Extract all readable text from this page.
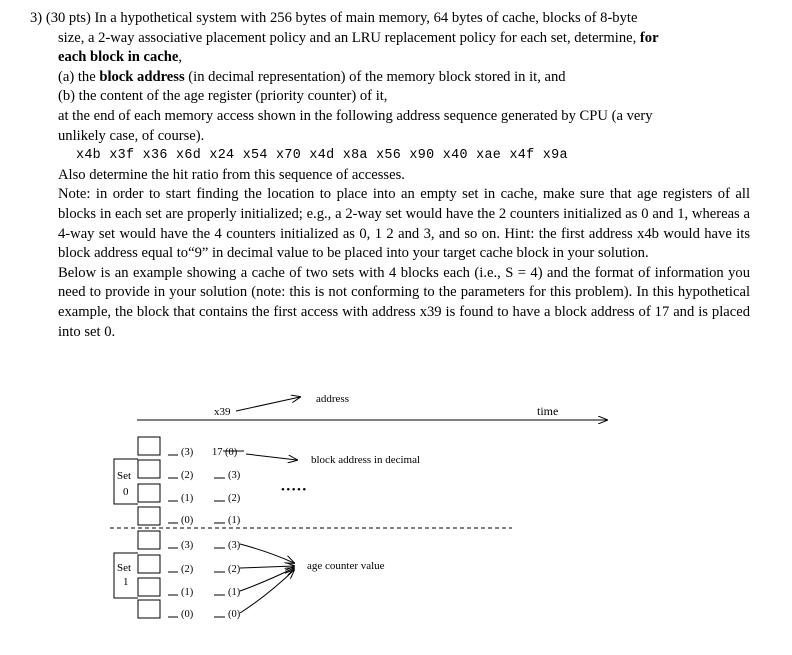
3) (30 pts) In a hypothetical system with 256 bytes of main memory, 64 bytes of cache, blocks of 8-byte
size, a 2-way associative placement policy and an LRU replacement policy for each set, determine, for
each block in cache,
(a) the block address (in decimal representation) of the memory block stored in it, and
(b) the content of the age register (priority counter) of it,
at the end of each memory access shown in the following address sequence generated by CPU (a very
unlikely case, of course).
x4b x3f x36 x6d x24 x54 x70 x4d x8a x56 x90 x40 xae x4f x9a
Also determine the hit ratio from this sequence of accesses.
Note: in order to start finding the location to place into an empty set in cache, make sure that age registers of all blocks in each set are properly initialized; e.g., a 2-way set would have the 2 counters initialized as 0 and 1, whereas a 4-way set would have the 4 counters initialized as 0, 1 2 and 3, and so on. Hint: the first address x4b would have its block address equal to“9” in decimal value to be placed into your target cache block in your solution.
Below is an example showing a cache of two sets with 4 blocks each (i.e., S = 4) and the format of information you need to provide in your solution (note: this is not conforming to the parameters for this problem). In this hypothetical example, the block that contains the first access with address x39 is found to have a block address of 17 and is placed into set 0.
time
x39
address
Set
0
Set
1
(3)
(2)
(1)
(0)
(3)
(2)
(1)
(0)
17 (0)
(3)
(2)
(1)
(3)
(2)
(1)
(0)
block address in decimal
•••••
age counter value
